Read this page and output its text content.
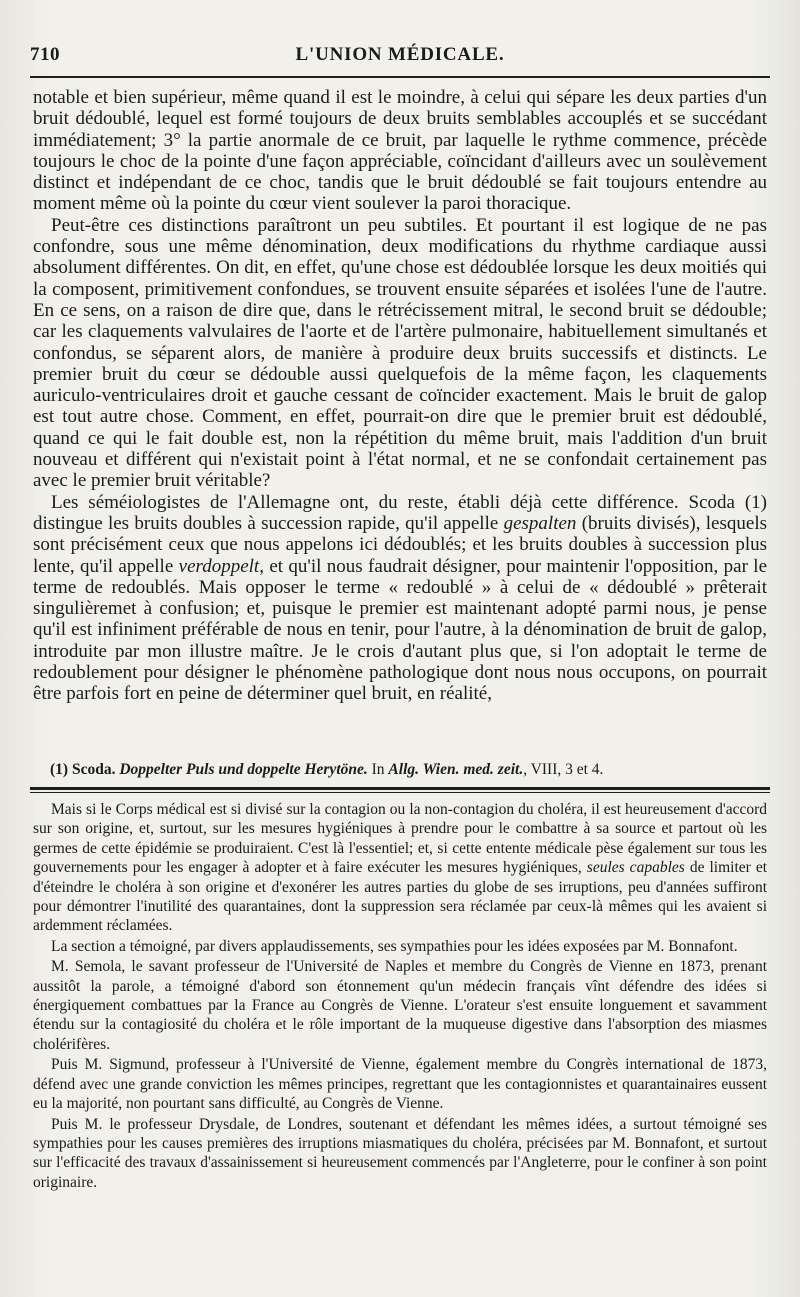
710	L'UNION MÉDICALE.

notable et bien supérieur, même quand il est le moindre, à celui qui sépare les deux parties d'un bruit dédoublé, lequel est formé toujours de deux bruits semblables accouplés et se succédant immédiatement; 3° la partie anormale de ce bruit, par laquelle le rythme commence, précède toujours le choc de la pointe d'une façon appréciable, coïncidant d'ailleurs avec un soulèvement distinct et indépendant de ce choc, tandis que le bruit dédoublé se fait toujours entendre au moment même où la pointe du cœur vient soulever la paroi thoracique.

Peut-être ces distinctions paraîtront un peu subtiles. Et pourtant il est logique de ne pas confondre, sous une même dénomination, deux modifications du rhythme cardiaque aussi absolument différentes. On dit, en effet, qu'une chose est dédoublée lorsque les deux moitiés qui la composent, primitivement confondues, se trouvent ensuite séparées et isolées l'une de l'autre. En ce sens, on a raison de dire que, dans le rétrécissement mitral, le second bruit se dédouble; car les claquements valvulaires de l'aorte et de l'artère pulmonaire, habituellement simultanés et confondus, se séparent alors, de manière à produire deux bruits successifs et distincts. Le premier bruit du cœur se dédouble aussi quelquefois de la même façon, les claquements auriculo-ventriculaires droit et gauche cessant de coïncider exactement. Mais le bruit de galop est tout autre chose. Comment, en effet, pourrait-on dire que le premier bruit est dédoublé, quand ce qui le fait double est, non la répétition du même bruit, mais l'addition d'un bruit nouveau et différent qui n'existait point à l'état normal, et ne se confondait certainement pas avec le premier bruit véritable?

Les séméiologistes de l'Allemagne ont, du reste, établi déjà cette différence. Scoda (1) distingue les bruits doubles à succession rapide, qu'il appelle gespalten (bruits divisés), lesquels sont précisément ceux que nous appelons ici dédoublés; et les bruits doubles à succession plus lente, qu'il appelle verdoppelt, et qu'il nous faudrait désigner, pour maintenir l'opposition, par le terme de redoublés. Mais opposer le terme « redoublé » à celui de « dédoublé » prêterait singulièremet à confusion; et, puisque le premier est maintenant adopté parmi nous, je pense qu'il est infiniment préférable de nous en tenir, pour l'autre, à la dénomination de bruit de galop, introduite par mon illustre maître. Je le crois d'autant plus que, si l'on adoptait le terme de redoublement pour désigner le phénomène pathologique dont nous nous occupons, on pourrait être parfois fort en peine de déterminer quel bruit, en réalité,

(1) Scoda. Doppelter Puls und doppelte Herytöne. In Allg. Wien. med. zeit., VIII, 3 et 4.

Mais si le Corps médical est si divisé sur la contagion ou la non-contagion du choléra, il est heureusement d'accord sur son origine, et, surtout, sur les mesures hygiéniques à prendre pour le combattre à sa source et partout où les germes de cette épidémie se produiraient. C'est là l'essentiel; et, si cette entente médicale pèse également sur tous les gouvernements pour les engager à adopter et à faire exécuter les mesures hygiéniques, seules capables de limiter et d'éteindre le choléra à son origine et d'exonérer les autres parties du globe de ses irruptions, peu d'années suffiront pour démontrer l'inutilité des quarantaines, dont la suppression sera réclamée par ceux-là mêmes qui les avaient si ardemment réclamées.

La section a témoigné, par divers applaudissements, ses sympathies pour les idées exposées par M. Bonnafont.

M. Semola, le savant professeur de l'Université de Naples et membre du Congrès de Vienne en 1873, prenant aussitôt la parole, a témoigné d'abord son étonnement qu'un médecin français vînt défendre des idées si énergiquement combattues par la France au Congrès de Vienne. L'orateur s'est ensuite longuement et savamment étendu sur la contagiosité du choléra et le rôle important de la muqueuse digestive dans l'absorption des miasmes cholérifères.

Puis M. Sigmund, professeur à l'Université de Vienne, également membre du Congrès international de 1873, défend avec une grande conviction les mêmes principes, regrettant que les contagionnistes et quarantainaires eussent eu la majorité, non pourtant sans difficulté, au Congrès de Vienne.

Puis M. le professeur Drysdale, de Londres, soutenant et défendant les mêmes idées, a surtout témoigné ses sympathies pour les causes premières des irruptions miasmatiques du choléra, précisées par M. Bonnafont, et surtout sur l'efficacité des travaux d'assainissement si heureusement commencés par l'Angleterre, pour le confiner à son point originaire.
